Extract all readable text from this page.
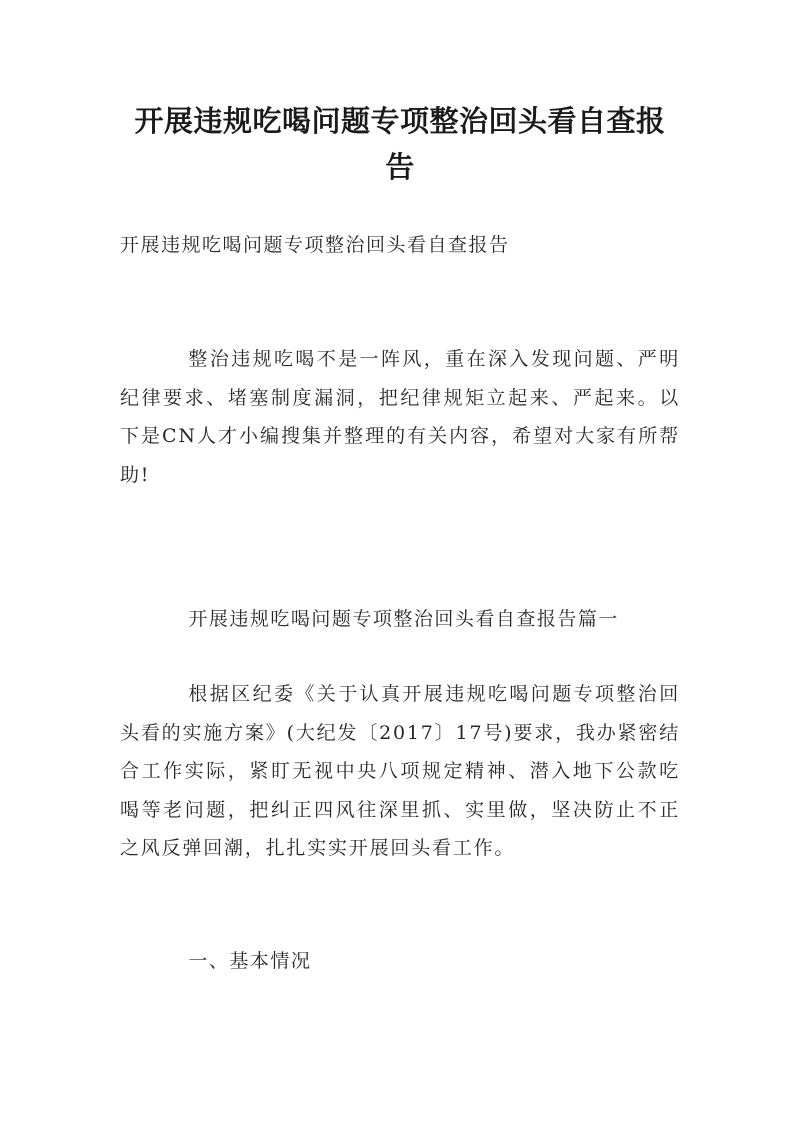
开展违规吃喝问题专项整治回头看自查报告
开展违规吃喝问题专项整治回头看自查报告
整治违规吃喝不是一阵风，重在深入发现问题、严明纪律要求、堵塞制度漏洞，把纪律规矩立起来、严起来。以下是CN人才小编搜集并整理的有关内容，希望对大家有所帮助!
开展违规吃喝问题专项整治回头看自查报告篇一
根据区纪委《关于认真开展违规吃喝问题专项整治回头看的实施方案》(大纪发〔2017〕17号)要求，我办紧密结合工作实际，紧盯无视中央八项规定精神、潜入地下公款吃喝等老问题，把纠正四风往深里抓、实里做，坚决防止不正之风反弹回潮，扎扎实实开展回头看工作。
一、基本情况
